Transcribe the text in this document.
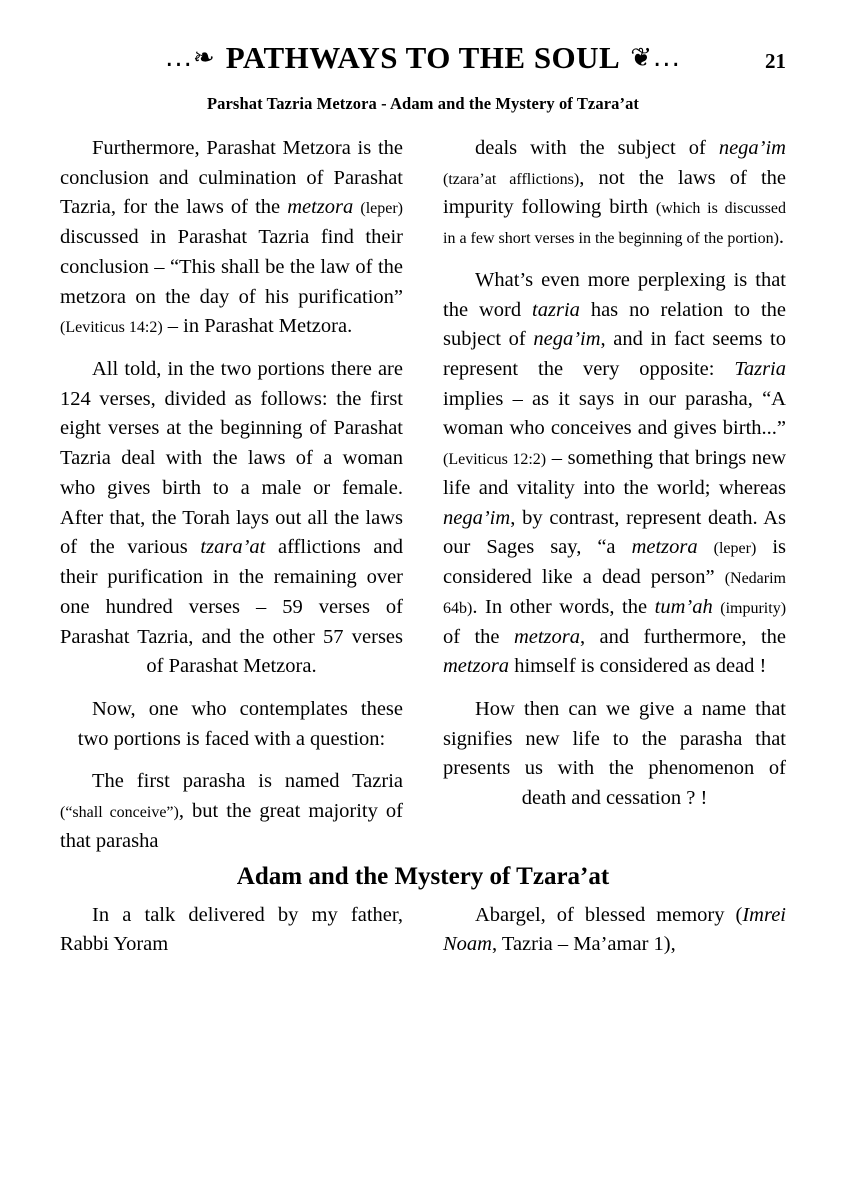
...❧ PATHWAYS TO THE SOUL ❦...	21
Parshat Tazria Metzora - Adam and the Mystery of Tzara’at

Furthermore, Parashat Metzora is the conclusion and culmination of Parashat Tazria, for the laws of the metzora (leper) discussed in Parashat Tazria find their conclusion – “This shall be the law of the metzora on the day of his purification” (Leviticus 14:2) – in Parashat Metzora.

All told, in the two portions there are 124 verses, divided as follows: the first eight verses at the beginning of Parashat Tazria deal with the laws of a woman who gives birth to a male or female. After that, the Torah lays out all the laws of the various tzara’at afflictions and their purification in the remaining over one hundred verses – 59 verses of Parashat Tazria, and the other 57 verses of Parashat Metzora.

Now, one who contemplates these two portions is faced with a question:

The first parasha is named Tazria (“shall conceive”), but the great majority of that parasha

deals with the subject of nega’im (tzara’at afflictions), not the laws of the impurity following birth (which is discussed in a few short verses in the beginning of the portion).

What’s even more perplexing is that the word tazria has no relation to the subject of nega’im, and in fact seems to represent the very opposite: Tazria implies – as it says in our parasha, “A woman who conceives and gives birth...” (Leviticus 12:2) – something that brings new life and vitality into the world; whereas nega’im, by contrast, represent death. As our Sages say, “a metzora (leper) is considered like a dead person” (Nedarim 64b). In other words, the tum’ah (impurity) of the metzora, and furthermore, the metzora himself is considered as dead !

How then can we give a name that signifies new life to the parasha that presents us with the phenomenon of death and cessation ? !

Adam and the Mystery of Tzara’at

In a talk delivered by my father, Rabbi Yoram

Abargel, of blessed memory (Imrei Noam, Tazria – Ma’amar 1),
